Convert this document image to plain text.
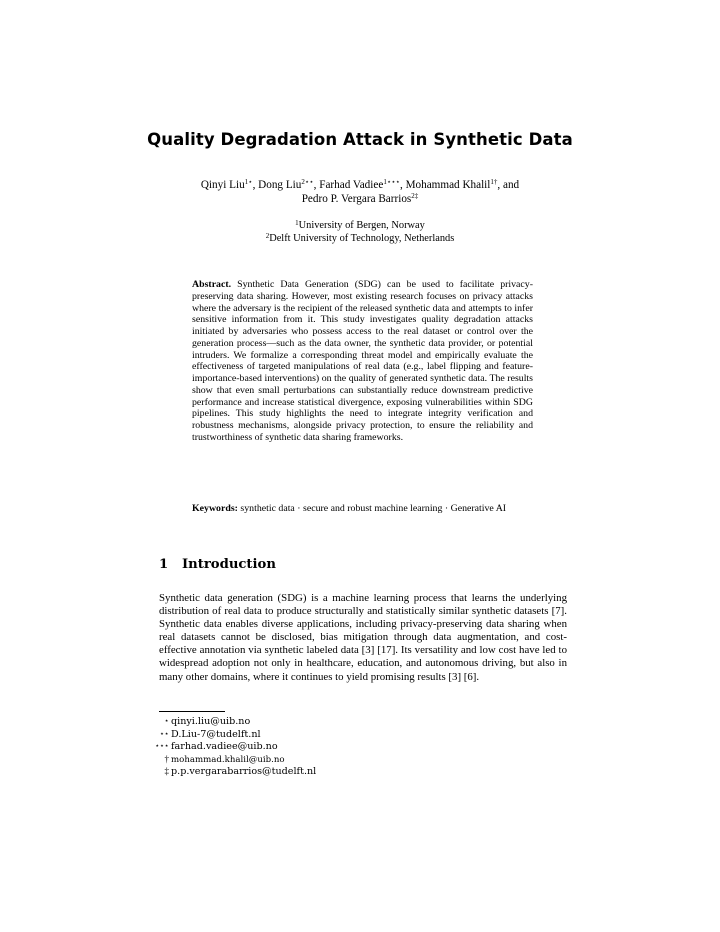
Quality Degradation Attack in Synthetic Data
Qinyi Liu$^{1⋆}$, Dong Liu$^{2⋆⋆}$, Farhad Vadiee$^{1⋆⋆⋆}$, Mohammad Khalil$^{1\dagger}$, and
Pedro P. Vergara Barrios$^{2\ddagger}$
$^1$University of Bergen, Norway
$^2$Delft University of Technology, Netherlands
Abstract. Synthetic Data Generation (SDG) can be used to facilitate privacy-preserving data sharing. However, most existing research focuses on privacy attacks where the adversary is the recipient of the released synthetic data and attempts to infer sensitive information from it. This study investigates quality degradation attacks initiated by adversaries who possess access to the real dataset or control over the generation process—such as the data owner, the synthetic data provider, or potential intruders. We formalize a corresponding threat model and empirically evaluate the effectiveness of targeted manipulations of real data (e.g., label flipping and feature-importance-based interventions) on the quality of generated synthetic data. The results show that even small perturbations can substantially reduce downstream predictive performance and increase statistical divergence, exposing vulnerabilities within SDG pipelines. This study highlights the need to integrate integrity verification and robustness mechanisms, alongside privacy protection, to ensure the reliability and trustworthiness of synthetic data sharing frameworks.
Keywords: synthetic data · secure and robust machine learning · Generative AI
1 Introduction
Synthetic data generation (SDG) is a machine learning process that learns the underlying distribution of real data to produce structurally and statistically similar synthetic datasets [7]. Synthetic data enables diverse applications, including privacy-preserving data sharing when real datasets cannot be disclosed, bias mitigation through data augmentation, and cost-effective annotation via synthetic labeled data [3] [17]. Its versatility and low cost have led to widespread adoption not only in healthcare, education, and autonomous driving, but also in many other domains, where it continues to yield promising results [3] [6].
⋆ qinyi.liu@uib.no
⋆⋆ D.Liu-7@tudelft.nl
⋆⋆⋆ farhad.vadiee@uib.no
† mohammad.khalil@uib.no
‡ p.p.vergarabarrios@tudelft.nl
